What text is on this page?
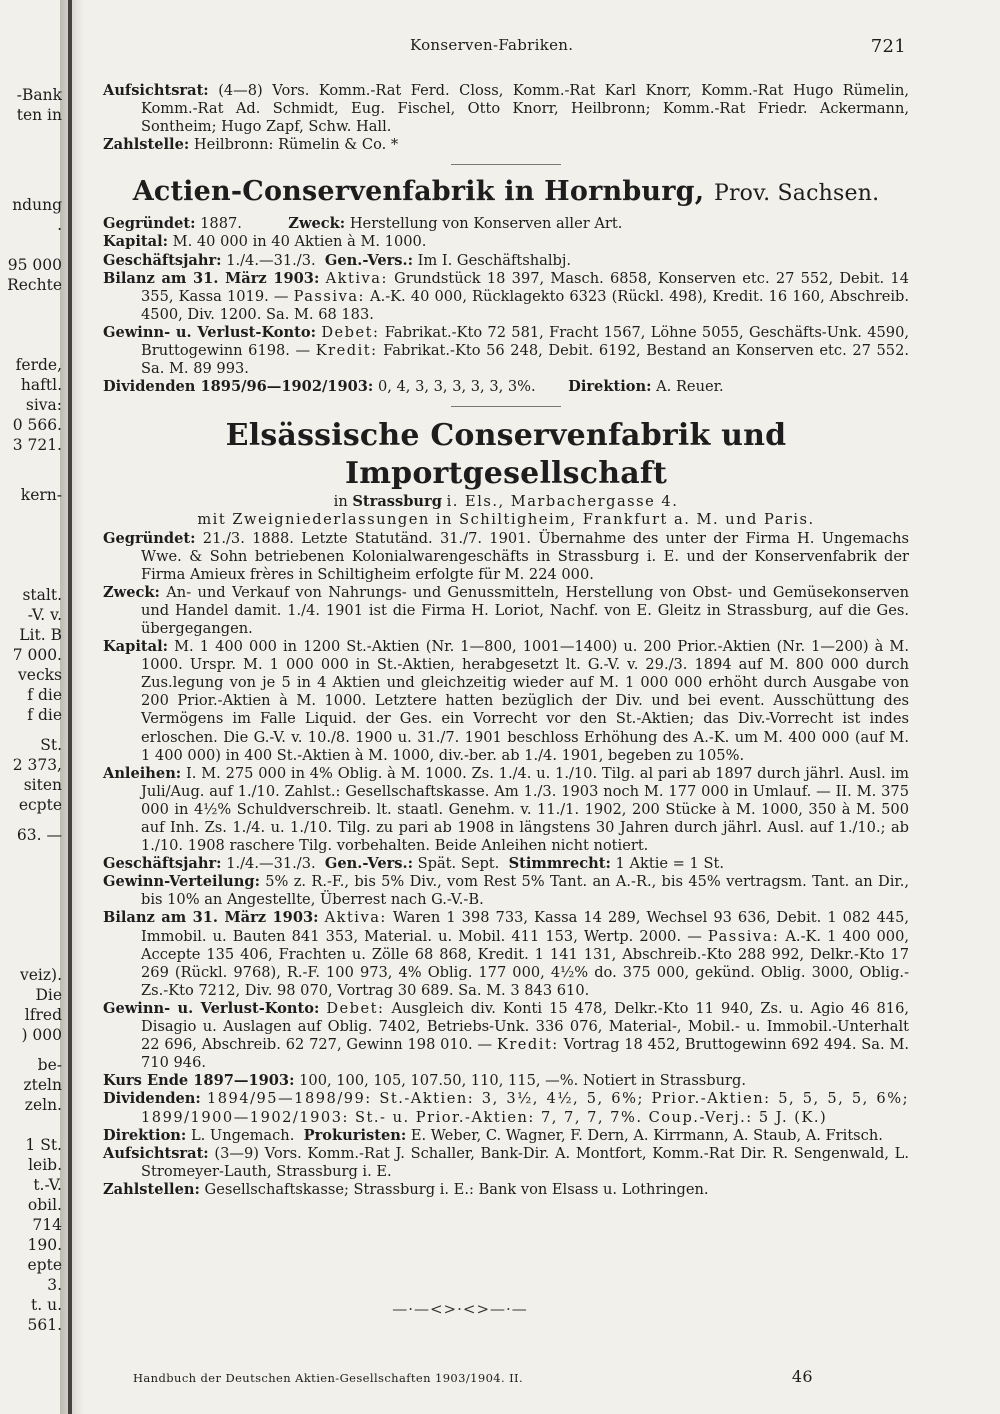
-Bank
ten in
ndung
.
95 000
Rechte
ferde,
haftl.
siva:
0 566.
3 721.
kern-
stalt.
-V. v.
Lit. B
7 000.
vecks
f die
f die
St.
2 373,
siten
ecpte
63. —
veiz).
Die
lfred
) 000
be-
zteln
zeln.
1 St.
leib.
t.-V.
obil.
714
190.
epte
3.
t. u.
561.
Konserven-Fabriken.	721

Aufsichtsrat: (4—8) Vors. Komm.-Rat Ferd. Closs, Komm.-Rat Karl Knorr, Komm.-Rat Hugo Rümelin, Komm.-Rat Ad. Schmidt, Eug. Fischel, Otto Knorr, Heilbronn; Komm.-Rat Friedr. Ackermann, Sontheim; Hugo Zapf, Schw. Hall.

Zahlstelle: Heilbronn: Rümelin & Co. *

Actien-Conservenfabrik in Hornburg, Prov. Sachsen.

Gegründet: 1887.	Zweck: Herstellung von Konserven aller Art.

Kapital: M. 40 000 in 40 Aktien à M. 1000.

Geschäftsjahr: 1./4.—31./3. Gen.-Vers.: Im I. Geschäftshalbj.

Bilanz am 31. März 1903: Aktiva: Grundstück 18 397, Masch. 6858, Konserven etc. 27 552, Debit. 14 355, Kassa 1019. — Passiva: A.-K. 40 000, Rücklagekto 6323 (Rückl. 498), Kredit. 16 160, Abschreib. 4500, Div. 1200. Sa. M. 68 183.

Gewinn- u. Verlust-Konto: Debet: Fabrikat.-Kto 72 581, Fracht 1567, Löhne 5055, Geschäfts-Unk. 4590, Bruttogewinn 6198. — Kredit: Fabrikat.-Kto 56 248, Debit. 6192, Bestand an Konserven etc. 27 552. Sa. M. 89 993.

Dividenden 1895/96—1902/1903: 0, 4, 3, 3, 3, 3, 3, 3%. Direktion: A. Reuer.

Elsässische Conservenfabrik und Importgesellschaft
in Strassburg i. Els., Marbachergasse 4.
mit Zweigniederlassungen in Schiltigheim, Frankfurt a. M. und Paris.

Gegründet: 21./3. 1888. Letzte Statutänd. 31./7. 1901. Übernahme des unter der Firma H. Ungemachs Wwe. & Sohn betriebenen Kolonialwarengeschäfts in Strassburg i. E. und der Konservenfabrik der Firma Amieux frères in Schiltigheim erfolgte für M. 224 000.

Zweck: An- und Verkauf von Nahrungs- und Genussmitteln, Herstellung von Obst- und Gemüsekonserven und Handel damit. 1./4. 1901 ist die Firma H. Loriot, Nachf. von E. Gleitz in Strassburg, auf die Ges. übergegangen.

Kapital: M. 1 400 000 in 1200 St.-Aktien (Nr. 1—800, 1001—1400) u. 200 Prior.-Aktien (Nr. 1—200) à M. 1000. Urspr. M. 1 000 000 in St.-Aktien, herabgesetzt lt. G.-V. v. 29./3. 1894 auf M. 800 000 durch Zus.legung von je 5 in 4 Aktien und gleichzeitig wieder auf M. 1 000 000 erhöht durch Ausgabe von 200 Prior.-Aktien à M. 1000. Letztere hatten bezüglich der Div. und bei event. Ausschüttung des Vermögens im Falle Liquid. der Ges. ein Vorrecht vor den St.-Aktien; das Div.-Vorrecht ist indes erloschen. Die G.-V. v. 10./8. 1900 u. 31./7. 1901 beschloss Erhöhung des A.-K. um M. 400 000 (auf M. 1 400 000) in 400 St.-Aktien à M. 1000, div.-ber. ab 1./4. 1901, begeben zu 105%.

Anleihen: I. M. 275 000 in 4% Oblig. à M. 1000. Zs. 1./4. u. 1./10. Tilg. al pari ab 1897 durch jährl. Ausl. im Juli/Aug. auf 1./10. Zahlst.: Gesellschaftskasse. Am 1./3. 1903 noch M. 177 000 in Umlauf. — II. M. 375 000 in 4½% Schuldverschreib. lt. staatl. Genehm. v. 11./1. 1902, 200 Stücke à M. 1000, 350 à M. 500 auf Inh. Zs. 1./4. u. 1./10. Tilg. zu pari ab 1908 in längstens 30 Jahren durch jährl. Ausl. auf 1./10.; ab 1./10. 1908 raschere Tilg. vorbehalten. Beide Anleihen nicht notiert.

Geschäftsjahr: 1./4.—31./3. Gen.-Vers.: Spät. Sept. Stimmrecht: 1 Aktie = 1 St.

Gewinn-Verteilung: 5% z. R.-F., bis 5% Div., vom Rest 5% Tant. an A.-R., bis 45% vertragsm. Tant. an Dir., bis 10% an Angestellte, Überrest nach G.-V.-B.

Bilanz am 31. März 1903: Aktiva: Waren 1 398 733, Kassa 14 289, Wechsel 93 636, Debit. 1 082 445, Immobil. u. Bauten 841 353, Material. u. Mobil. 411 153, Wertp. 2000. — Passiva: A.-K. 1 400 000, Accepte 135 406, Frachten u. Zölle 68 868, Kredit. 1 141 131, Abschreib.-Kto 288 992, Delkr.-Kto 17 269 (Rückl. 9768), R.-F. 100 973, 4% Oblig. 177 000, 4½% do. 375 000, gekünd. Oblig. 3000, Oblig.-Zs.-Kto 7212, Div. 98 070, Vortrag 30 689. Sa. M. 3 843 610.

Gewinn- u. Verlust-Konto: Debet: Ausgleich div. Konti 15 478, Delkr.-Kto 11 940, Zs. u. Agio 46 816, Disagio u. Auslagen auf Oblig. 7402, Betriebs-Unk. 336 076, Material-, Mobil.- u. Immobil.-Unterhalt 22 696, Abschreib. 62 727, Gewinn 198 010. — Kredit: Vortrag 18 452, Bruttogewinn 692 494. Sa. M. 710 946.

Kurs Ende 1897—1903: 100, 100, 105, 107.50, 110, 115, —%. Notiert in Strassburg.

Dividenden: 1894/95—1898/99: St.-Aktien: 3, 3½, 4½, 5, 6%; Prior.-Aktien: 5, 5, 5, 5, 6%; 1899/1900—1902/1903: St.- u. Prior.-Aktien: 7, 7, 7, 7%. Coup.-Verj.: 5 J. (K.)

Direktion: L. Ungemach. Prokuristen: E. Weber, C. Wagner, F. Dern, A. Kirrmann, A. Staub, A. Fritsch.

Aufsichtsrat: (3—9) Vors. Komm.-Rat J. Schaller, Bank-Dir. A. Montfort, Komm.-Rat Dir. R. Sengenwald, L. Stromeyer-Lauth, Strassburg i. E.

Zahlstellen: Gesellschaftskasse; Strassburg i. E.: Bank von Elsass u. Lothringen.

—·—<>·<>—·—
Handbuch der Deutschen Aktien-Gesellschaften 1903/1904. II.	46
